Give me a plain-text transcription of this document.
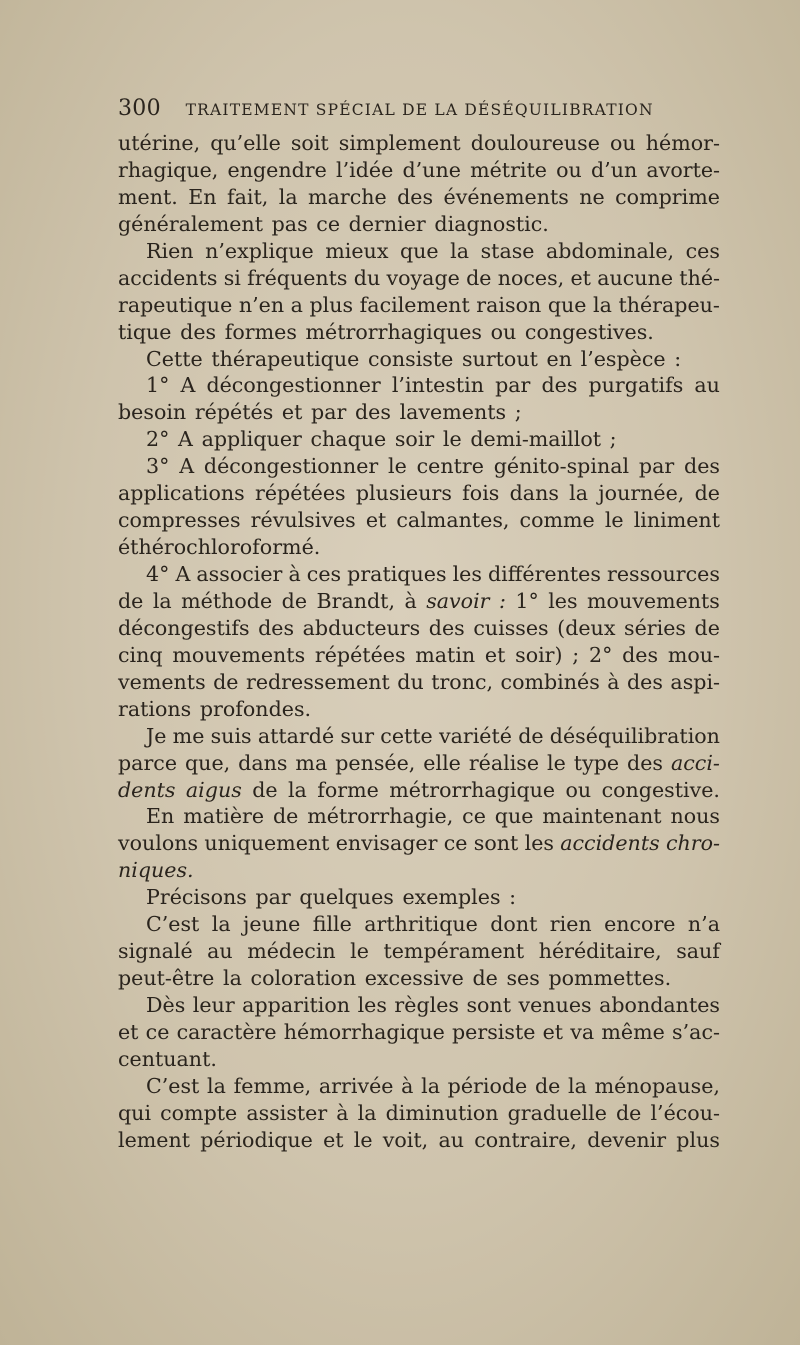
300 TRAITEMENT SPÉCIAL DE LA DÉSÉQUILIBRATION
utérine, qu’elle soit simplement douloureuse ou hémor-
rhagique, engendre l’idée d’une métrite ou d’un avorte-
ment. En fait, la marche des événements ne comprime
généralement pas ce dernier diagnostic.
Rien n’explique mieux que la stase abdominale, ces
accidents si fréquents du voyage de noces, et aucune thé-
rapeutique n’en a plus facilement raison que la thérapeu-
tique des formes métrorrhagiques ou congestives.
Cette thérapeutique consiste surtout en l’espèce :
1° A décongestionner l’intestin par des purgatifs au
besoin répétés et par des lavements ;
2° A appliquer chaque soir le demi-maillot ;
3° A décongestionner le centre génito-spinal par des
applications répétées plusieurs fois dans la journée, de
compresses révulsives et calmantes, comme le liniment
éthérochloroformé.
4° A associer à ces pratiques les différentes ressources
de la méthode de Brandt, à savoir : 1° les mouvements
décongestifs des abducteurs des cuisses (deux séries de
cinq mouvements répétées matin et soir) ; 2° des mou-
vements de redressement du tronc, combinés à des aspi-
rations profondes.
Je me suis attardé sur cette variété de déséquilibration
parce que, dans ma pensée, elle réalise le type des acci-
dents aigus de la forme métrorrhagique ou congestive.
En matière de métrorrhagie, ce que maintenant nous
voulons uniquement envisager ce sont les accidents chro-
niques.
Précisons par quelques exemples :
C’est la jeune fille arthritique dont rien encore n’a
signalé au médecin le tempérament héréditaire, sauf
peut-être la coloration excessive de ses pommettes.
Dès leur apparition les règles sont venues abondantes
et ce caractère hémorrhagique persiste et va même s’ac-
centuant.
C’est la femme, arrivée à la période de la ménopause,
qui compte assister à la diminution graduelle de l’écou-
lement périodique et le voit, au contraire, devenir plus
